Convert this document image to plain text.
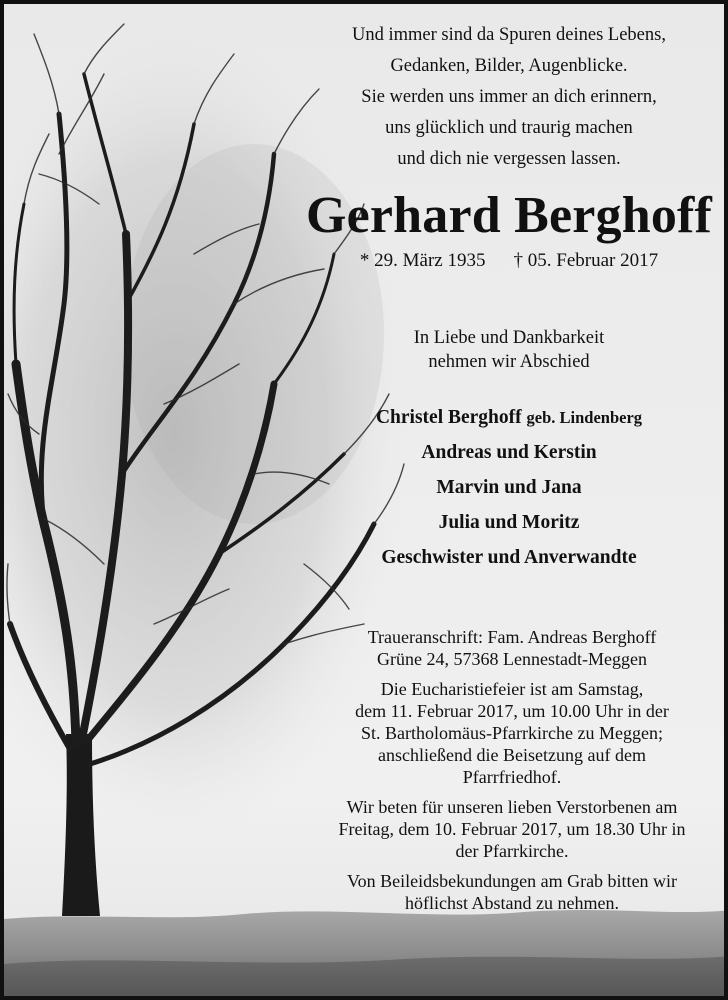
Und immer sind da Spuren deines Lebens,
Gedanken, Bilder, Augenblicke.
Sie werden uns immer an dich erinnern,
uns glücklich und traurig machen
und dich nie vergessen lassen.
Gerhard Berghoff
* 29. März 1935 † 05. Februar 2017
In Liebe und Dankbarkeit
nehmen wir Abschied
Christel Berghoff geb. Lindenberg
Andreas und Kerstin
Marvin und Jana
Julia und Moritz
Geschwister und Anverwandte

Traueranschrift: Fam. Andreas Berghoff
Grüne 24, 57368 Lennestadt-Meggen

Die Eucharistiefeier ist am Samstag,
dem 11. Februar 2017, um 10.00 Uhr in der
St. Bartholomäus-Pfarrkirche zu Meggen;
anschließend die Beisetzung auf dem
Pfarrfriedhof.

Wir beten für unseren lieben Verstorbenen am
Freitag, dem 10. Februar 2017, um 18.30 Uhr in
der Pfarrkirche.

Von Beileidsbekundungen am Grab bitten wir
höflichst Abstand zu nehmen.
